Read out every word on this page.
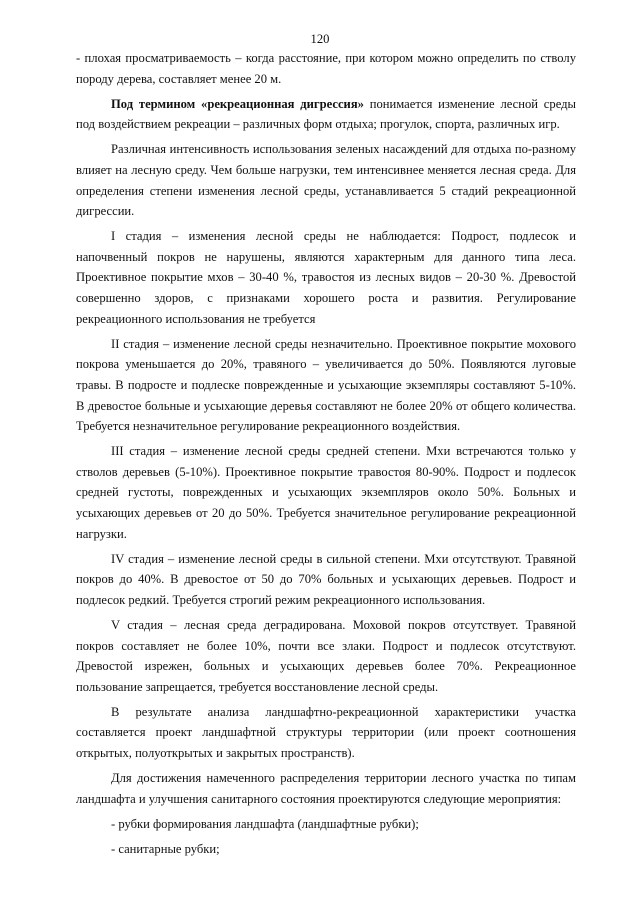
120

- плохая просматриваемость – когда расстояние, при котором можно определить по стволу породу дерева, составляет менее 20 м.

Под термином «рекреационная дигрессия» понимается изменение лесной среды под воздействием рекреации – различных форм отдыха; прогулок, спорта, различных игр.

Различная интенсивность использования зеленых насаждений для отдыха по-разному влияет на лесную среду. Чем больше нагрузки, тем интенсивнее меняется лесная среда. Для определения степени изменения лесной среды, устанавливается 5 стадий рекреационной дигрессии.

I стадия – изменения лесной среды не наблюдается: Подрост, подлесок и напочвенный покров не нарушены, являются характерным для данного типа леса. Проективное покрытие мхов – 30-40 %, травостоя из лесных видов – 20-30 %. Древостой совершенно здоров, с признаками хорошего роста и развития. Регулирование рекреационного использования не требуется

II стадия – изменение лесной среды незначительно. Проективное покрытие мохового покрова уменьшается до 20%, травяного – увеличивается до 50%. Появляются луговые травы. В подросте и подлеске поврежденные и усыхающие экземпляры составляют 5-10%. В древостое больные и усыхающие деревья составляют не более 20% от общего количества. Требуется незначительное регулирование рекреационного воздействия.

III стадия – изменение лесной среды средней степени. Мхи встречаются только у стволов деревьев (5-10%). Проективное покрытие травостоя 80-90%. Подрост и подлесок средней густоты, поврежденных и усыхающих экземпляров около 50%. Больных и усыхающих деревьев от 20 до 50%. Требуется значительное регулирование рекреационной нагрузки.

IV стадия – изменение лесной среды в сильной степени. Мхи отсутствуют. Травяной покров до 40%. В древостое от 50 до 70% больных и усыхающих деревьев. Подрост и подлесок редкий. Требуется строгий режим рекреационного использования.

V стадия – лесная среда деградирована. Моховой покров отсутствует. Травяной покров составляет не более 10%, почти все злаки. Подрост и подлесок отсутствуют. Древостой изрежен, больных и усыхающих деревьев более 70%. Рекреационное пользование запрещается, требуется восстановление лесной среды.

В результате анализа ландшафтно-рекреационной характеристики участка составляется проект ландшафтной структуры территории (или проект соотношения открытых, полуоткрытых и закрытых пространств).

Для достижения намеченного распределения территории лесного участка по типам ландшафта и улучшения санитарного состояния проектируются следующие мероприятия:

- рубки формирования ландшафта (ландшафтные рубки);

- санитарные рубки;
